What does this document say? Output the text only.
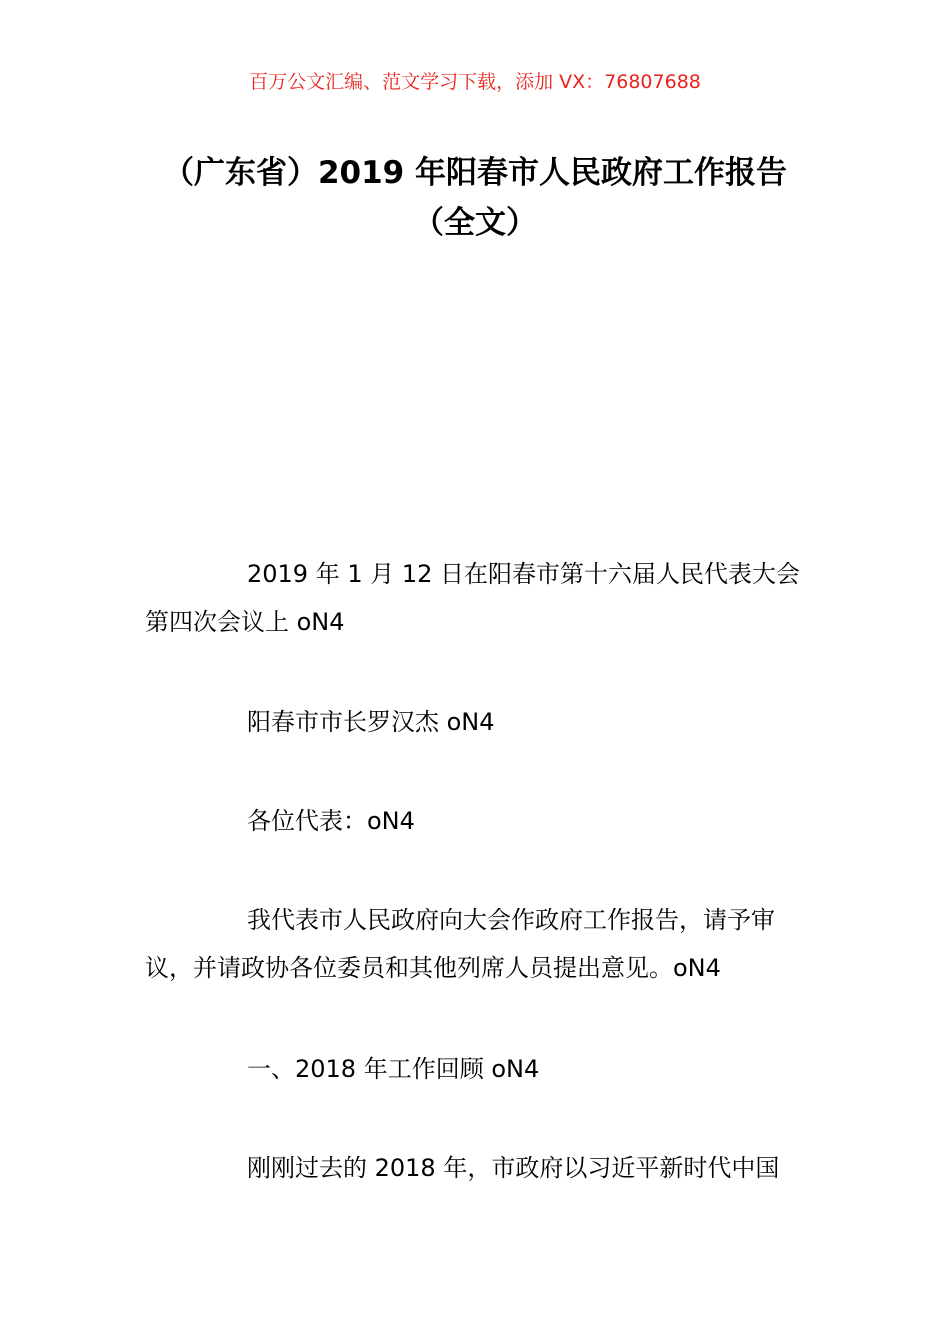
百万公文汇编、范文学习下载，添加 VX：76807688
（广东省）2019 年阳春市人民政府工作报告（全文）

2019 年 1 月 12 日在阳春市第十六届人民代表大会第四次会议上 oN4

阳春市市长罗汉杰 oN4

各位代表：oN4

我代表市人民政府向大会作政府工作报告，请予审议，并请政协各位委员和其他列席人员提出意见。oN4

一、2018 年工作回顾 oN4

刚刚过去的 2018 年，市政府以习近平新时代中国
